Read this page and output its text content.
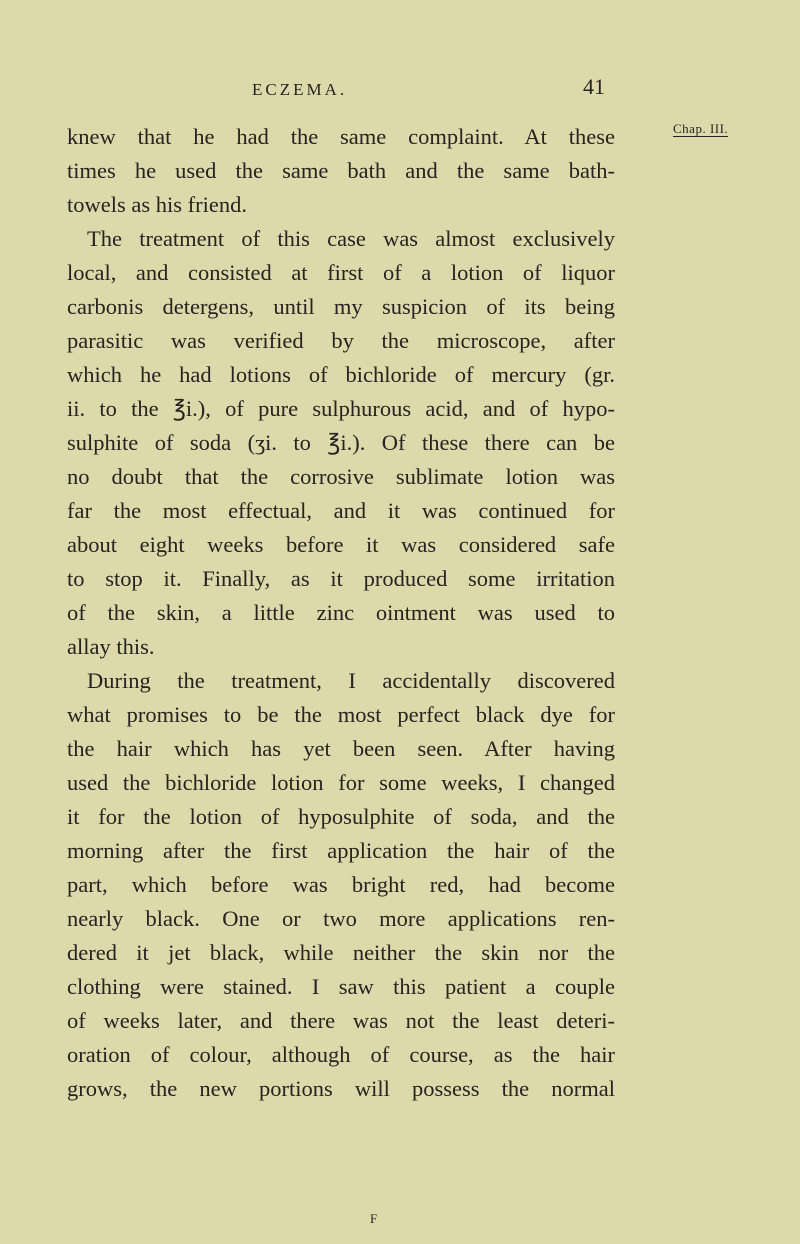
ECZEMA.	41
Chap. III.
knew that he had the same complaint. At these
times he used the same bath and the same bath-
towels as his friend.
The treatment of this case was almost exclusively
local, and consisted at first of a lotion of liquor
carbonis detergens, until my suspicion of its being
parasitic was verified by the microscope, after
which he had lotions of bichloride of mercury (gr.
ii. to the ℥i.), of pure sulphurous acid, and of hypo-
sulphite of soda (ʒi. to ℥i.). Of these there can be
no doubt that the corrosive sublimate lotion was
far the most effectual, and it was continued for
about eight weeks before it was considered safe
to stop it. Finally, as it produced some irritation
of the skin, a little zinc ointment was used to
allay this.
During the treatment, I accidentally discovered
what promises to be the most perfect black dye for
the hair which has yet been seen. After having
used the bichloride lotion for some weeks, I changed
it for the lotion of hyposulphite of soda, and the
morning after the first application the hair of the
part, which before was bright red, had become
nearly black. One or two more applications ren-
dered it jet black, while neither the skin nor the
clothing were stained. I saw this patient a couple
of weeks later, and there was not the least deteri-
oration of colour, although of course, as the hair
grows, the new portions will possess the normal
F
